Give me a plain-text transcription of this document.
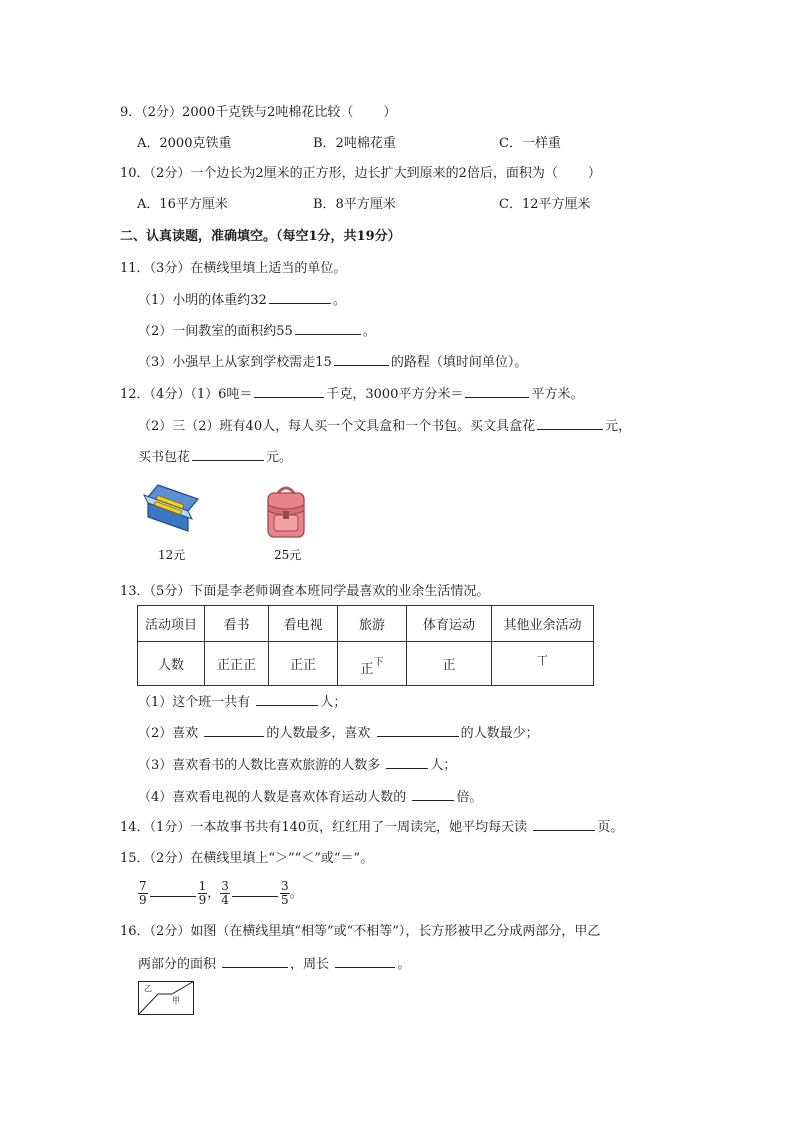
9．（2分）2000千克铁与2吨棉花比较（ ）
A．2000克铁重	B．2吨棉花重	C．一样重
10．（2分）一个边长为2厘米的正方形，边长扩大到原来的2倍后，面积为（ ）
A．16平方厘米	B．8平方厘米	C．12平方厘米
二、认真读题，准确填空。（每空1分，共19分）
11．（3分）在横线里填上适当的单位。
（1）小明的体重约32	。
（2）一间教室的面积约55	。
（3）小强早上从家到学校需走15	的路程（填时间单位）。
12．（4分）（1）6吨＝	千克，3000平方分米＝	平方米。
（2）三（2）班有40人，每人买一个文具盒和一个书包。买文具盒花	元，
买书包花	元。
12元	25元
13．（5分）下面是李老师调查本班同学最喜欢的业余生活情况。
活动项目	看书	看电视	旅游	体育运动	其他业余活动
人数	正正正	正正	正$^下$	正	$^丅$
（1）这个班一共有	人；
（2）喜欢	的人数最多，喜欢	的人数最少；
（3）喜欢看书的人数比喜欢旅游的人数多	人；
（4）喜欢看电视的人数是喜欢体育运动人数的	倍。
14．（1分）一本故事书共有140页，红红用了一周读完，她平均每天读	页。
15．（2分）在横线里填上“＞”“＜”或“＝”。
$\frac{7}{9}$	$\frac{1}{9}$ ， $\frac{3}{4}$	$\frac{3}{5}$ 。
16．（2分）如图（在横线里填“相等”或“不相等”），长方形被甲乙分成两部分，甲乙
两部分的面积	，周长	。
乙
甲
